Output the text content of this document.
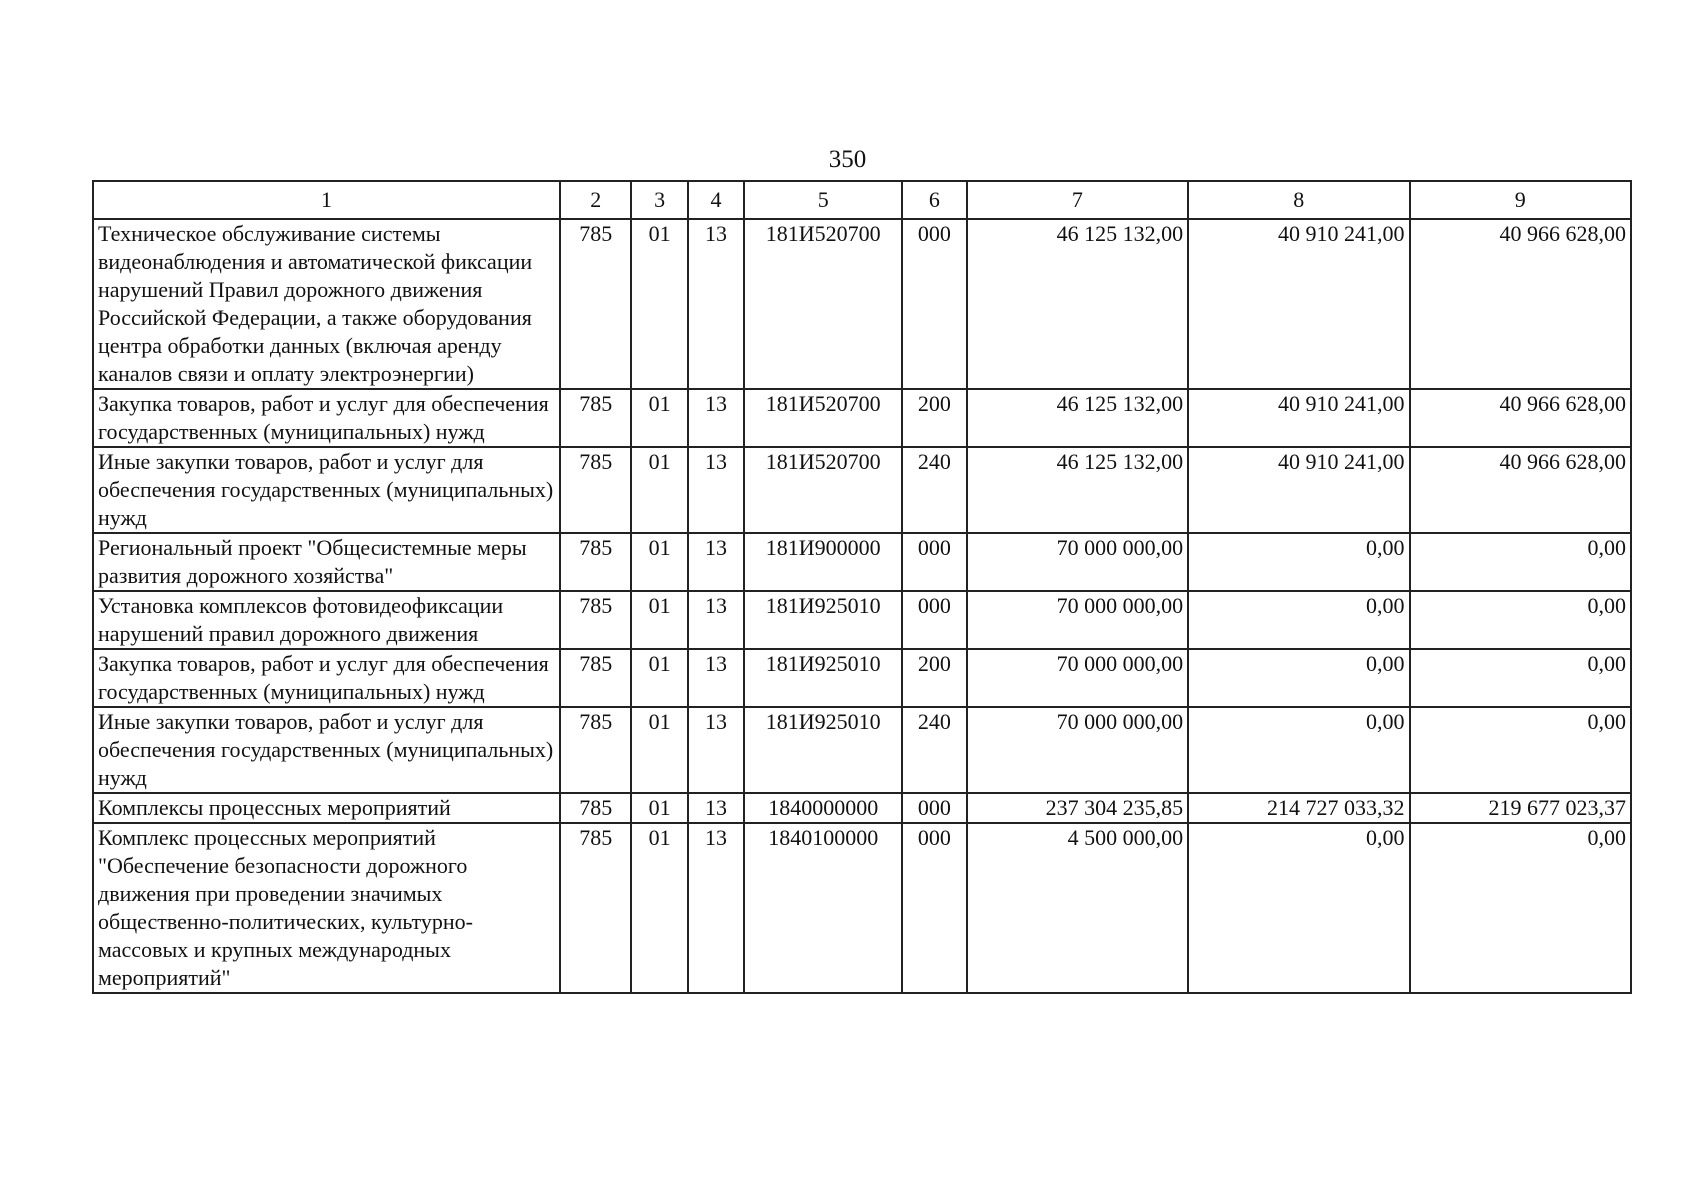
350
1	2	3	4	5	6	7	8	9
Техническое обслуживание системы видеонаблюдения и автоматической фиксации нарушений Правил дорожного движения Российской Федерации, а также оборудования центра обработки данных (включая аренду каналов связи и оплату электроэнергии)	785	01	13	181И520700	000	46 125 132,00	40 910 241,00	40 966 628,00
Закупка товаров, работ и услуг для обеспечения государственных (муниципальных) нужд	785	01	13	181И520700	200	46 125 132,00	40 910 241,00	40 966 628,00
Иные закупки товаров, работ и услуг для обеспечения государственных (муниципальных) нужд	785	01	13	181И520700	240	46 125 132,00	40 910 241,00	40 966 628,00
Региональный проект "Общесистемные меры развития дорожного хозяйства"	785	01	13	181И900000	000	70 000 000,00	0,00	0,00
Установка комплексов фотовидеофиксации нарушений правил дорожного движения	785	01	13	181И925010	000	70 000 000,00	0,00	0,00
Закупка товаров, работ и услуг для обеспечения государственных (муниципальных) нужд	785	01	13	181И925010	200	70 000 000,00	0,00	0,00
Иные закупки товаров, работ и услуг для обеспечения государственных (муниципальных) нужд	785	01	13	181И925010	240	70 000 000,00	0,00	0,00
Комплексы процессных мероприятий	785	01	13	1840000000	000	237 304 235,85	214 727 033,32	219 677 023,37
Комплекс процессных мероприятий "Обеспечение безопасности дорожного движения при проведении значимых общественно-политических, культурно-массовых и крупных международных мероприятий"	785	01	13	1840100000	000	4 500 000,00	0,00	0,00
